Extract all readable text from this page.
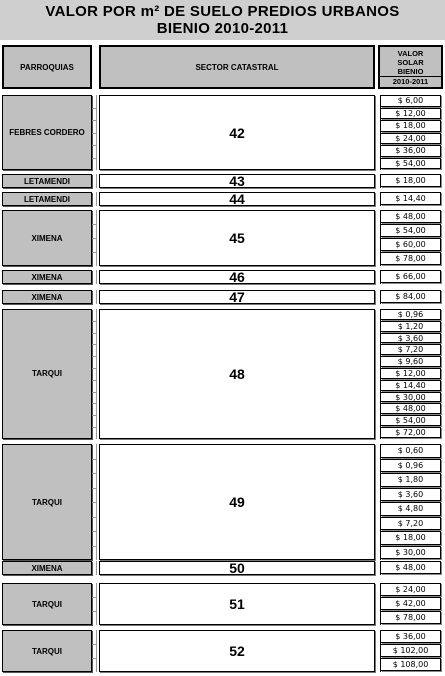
VALOR POR m² DE SUELO PREDIOS URBANOS
BIENIO 2010-2011
PARROQUIAS	SECTOR CATASTRAL
VALOR
SOLAR
BIENIO
2010-2011
FEBRES CORDERO	42
$ 6,00
$ 12,00
$ 18,00
$ 24,00
$ 36,00
$ 54,00
LETAMENDI	43	$ 18,00
LETAMENDI	44	$ 14,40
XIMENA	45
$ 48,00
$ 54,00
$ 60,00
$ 78,00
XIMENA	46	$ 66,00
XIMENA	47	$ 84,00
TARQUI	48
$ 0,96
$ 1,20
$ 3,60
$ 7,20
$ 9,60
$ 12,00
$ 14,40
$ 30,00
$ 48,00
$ 54,00
$ 72,00
TARQUI	49
$ 0,60
$ 0,96
$ 1,80
$ 3,60
$ 4,80
$ 7,20
$ 18,00
$ 30,00
XIMENA	50	$ 48,00
TARQUI	51
$ 24,00
$ 42,00
$ 78,00
TARQUI	52
$ 36,00
$ 102,00
$ 108,00
